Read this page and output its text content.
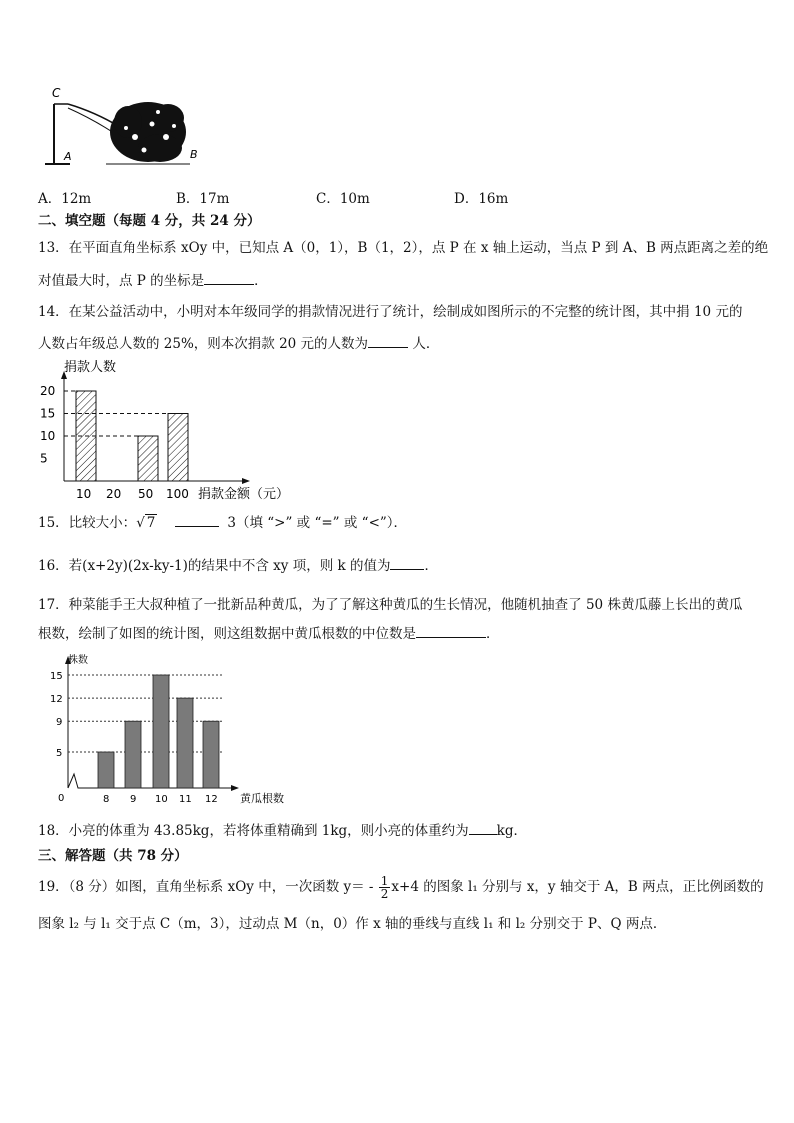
C
A	B
A．12m	B．17m	C．10m	D．16m
二、填空题（每题 4 分，共 24 分）
13．在平面直角坐标系 xOy 中，已知点 A（0，1），B（1，2），点 P 在 x 轴上运动，当点 P 到 A、B 两点距离之差的绝
对值最大时，点 P 的坐标是	．
14．在某公益活动中，小明对本年级同学的捐款情况进行了统计，绘制成如图所示的不完整的统计图，其中捐 10 元的
人数占年级总人数的 25%，则本次捐款 20 元的人数为	人．
5
10
15
20
10 20 50 100
捐款人数
捐款金额（元）
15．比较大小：√ 7	3（填 “>” 或 “=” 或 “<”）．
16．若(x+2y)(2x-ky-1)的结果中不含 xy 项，则 k 的值为	．
17．种菜能手王大叔种植了一批新品种黄瓜，为了了解这种黄瓜的生长情况，他随机抽查了 50 株黄瓜藤上长出的黄瓜
根数，绘制了如图的统计图，则这组数据中黄瓜根数的中位数是	．
5
9
12
15
8 9 10 11 12
株数
黄瓜根数
0
18．小亮的体重为 43.85kg，若将体重精确到 1kg，则小亮的体重约为 kg．
三、解答题（共 78 分）
19．（8 分）如图，直角坐标系 xOy 中，一次函数 $y= - \frac{1}{2} x+4$ 的图象 l₁ 分别与 x，y 轴交于 A，B 两点，正比例函数的
图象 l₂ 与 l₁ 交于点 C（m，3），过动点 M（n，0）作 x 轴的垂线与直线 l₁ 和 l₂ 分别交于 P、Q 两点．
